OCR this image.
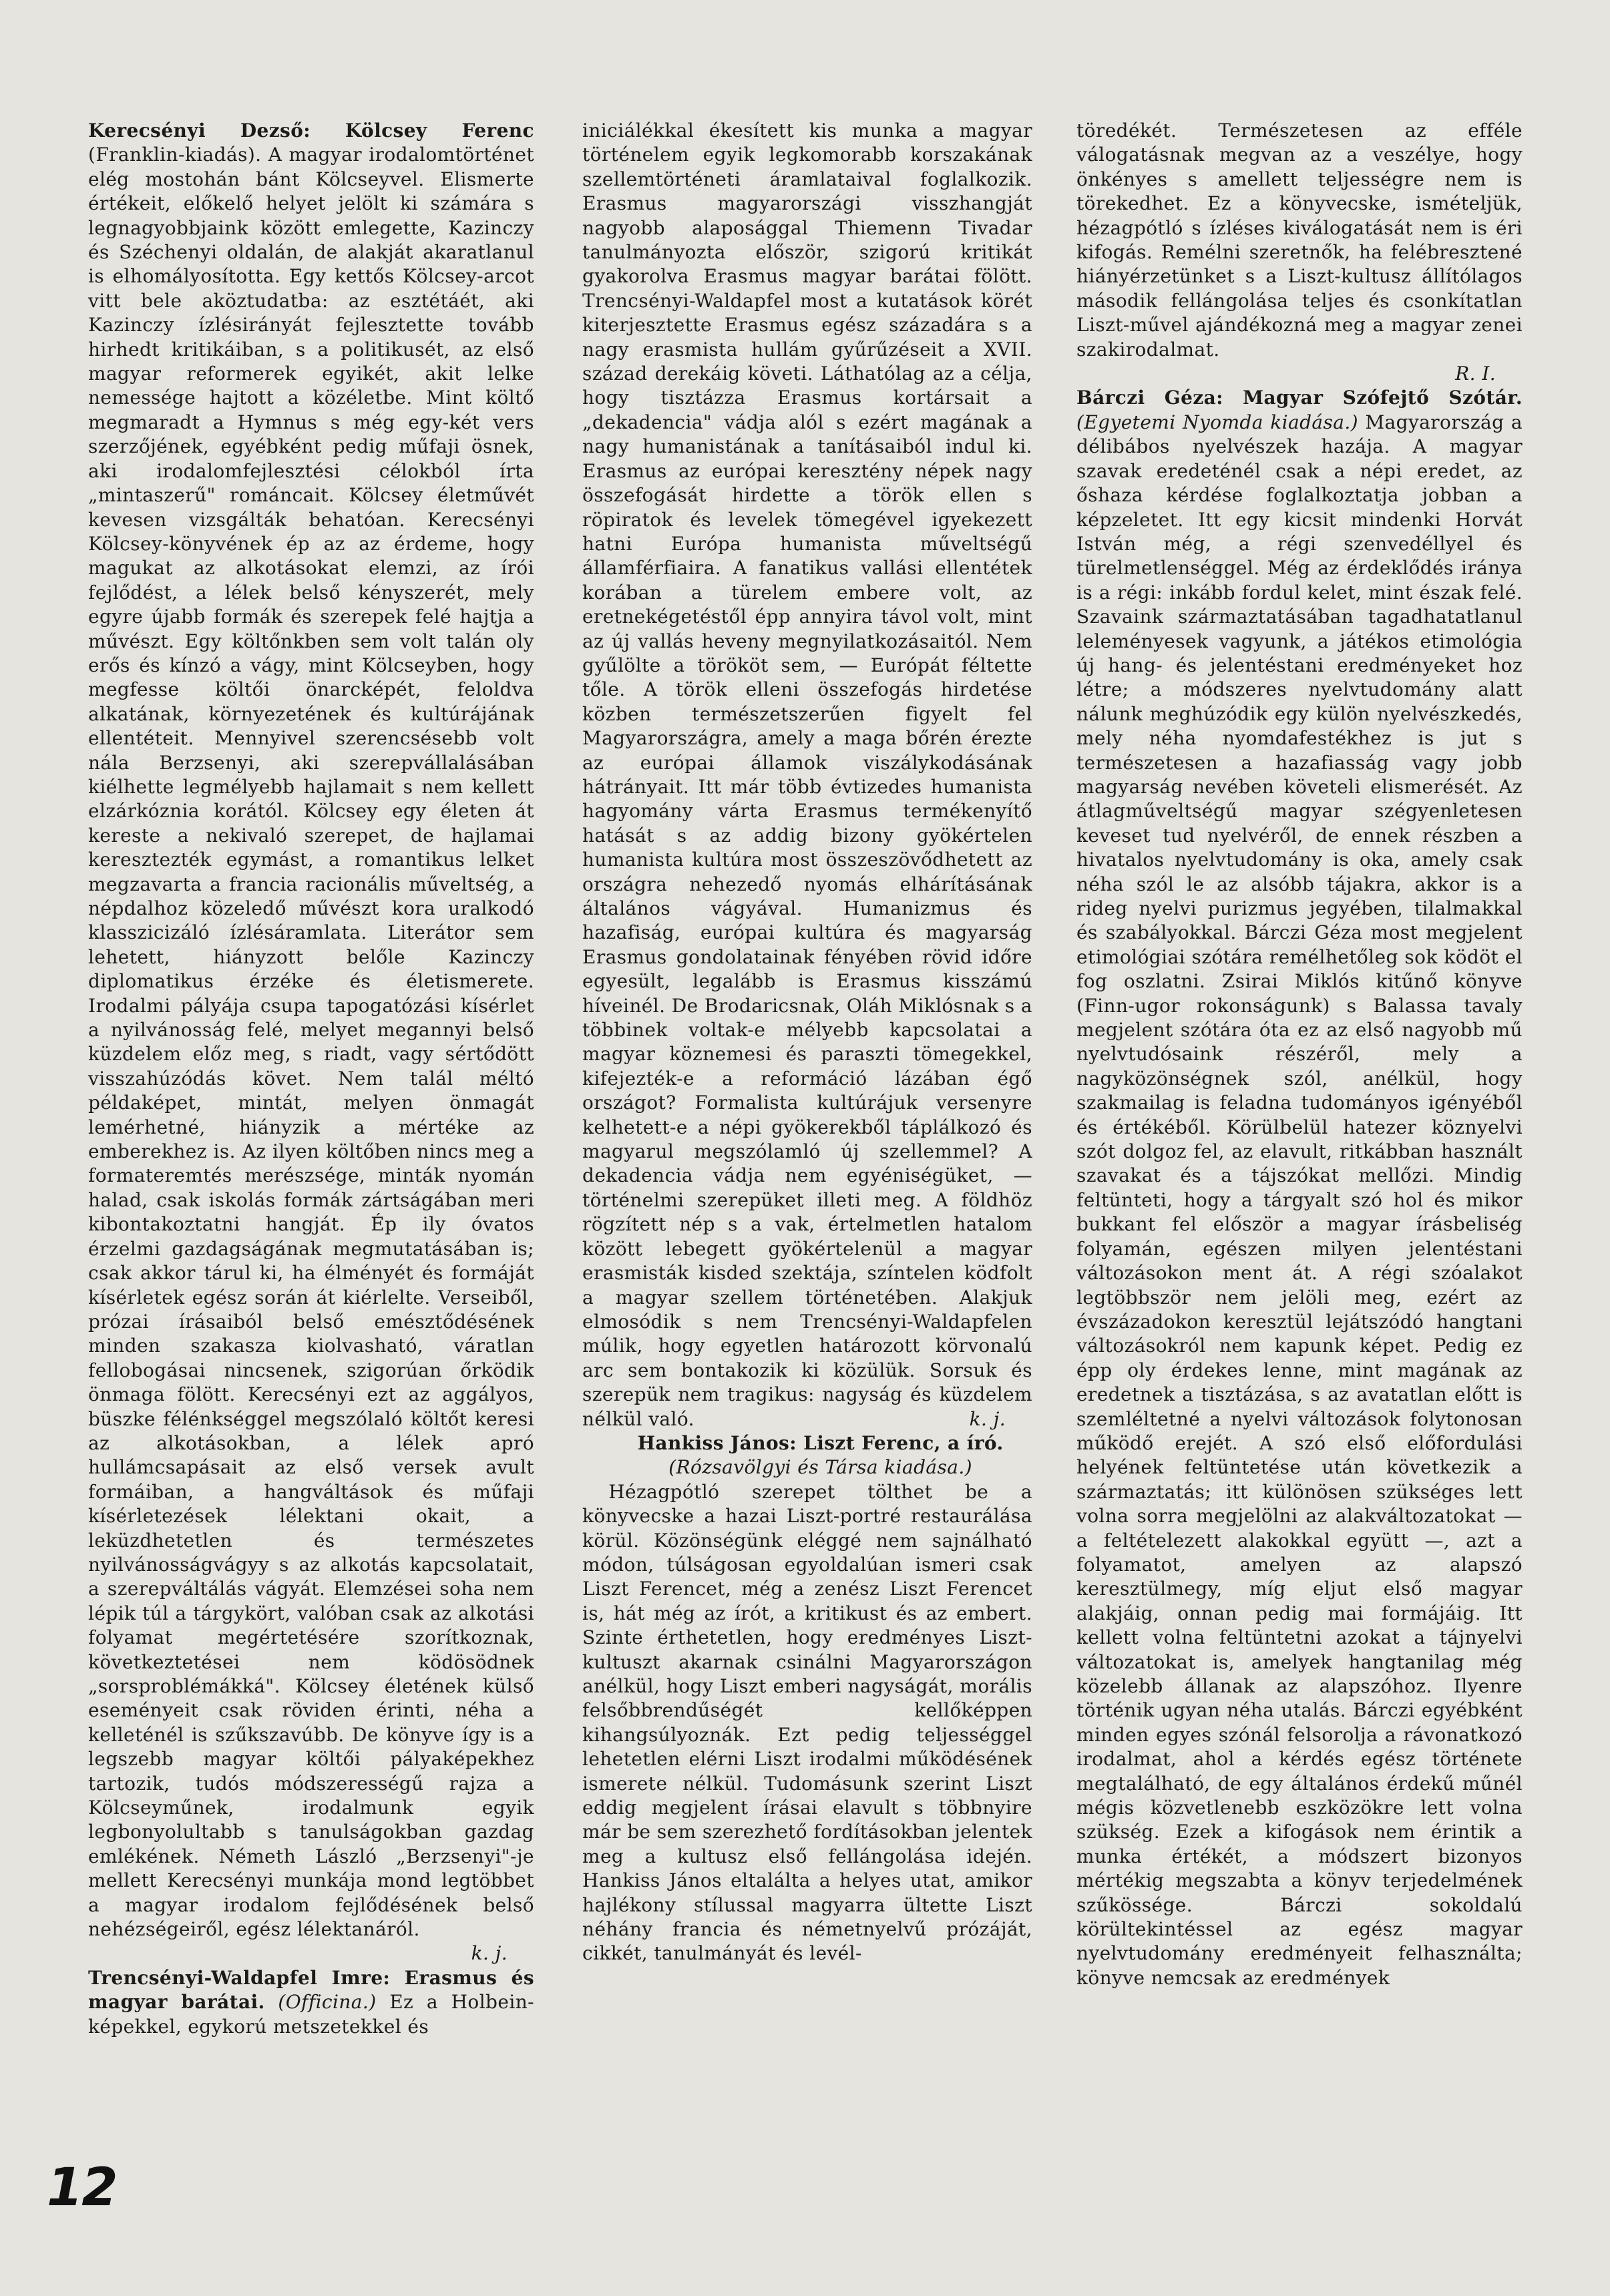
Kerecsényi Dezső: Kölcsey Ferenc (Franklin-kiadás). A magyar irodalomtörténet elég mostohán bánt Kölcseyvel. Elismerte értékeit, előkelő helyet jelölt ki számára s legnagyobbjaink között emlegette, Kazinczy és Széchenyi oldalán, de alakját akaratlanul is elhomályosította. Egy kettős Kölcsey-arcot vitt bele aköztudatba: az esztétáét, aki Kazinczy ízlésirányát fejlesztette tovább hirhedt kritikáiban, s a politikusét, az első magyar reformerek egyikét, akit lelke nemessége hajtott a közéletbe. Mint költő megmaradt a Hymnus s még egy-két vers szerzőjének, egyébként pedig műfaji ösnek, aki irodalomfejlesztési célokból írta „mintaszerű" románcait. Kölcsey életművét kevesen vizsgálták behatóan. Kerecsényi Kölcsey-könyvének ép az az érdeme, hogy magukat az alkotásokat elemzi, az írói fejlődést, a lélek belső kényszerét, mely egyre újabb formák és szerepek felé hajtja a művészt. Egy költőnkben sem volt talán oly erős és kínzó a vágy, mint Kölcseyben, hogy megfesse költői önarcképét, feloldva alkatának, környezetének és kultúrájának ellentéteit. Mennyivel szerencsésebb volt nála Berzsenyi, aki szerepvállalásában kiélhette legmélyebb hajlamait s nem kellett elzárkóznia korától. Kölcsey egy életen át kereste a nekivaló szerepet, de hajlamai keresztezték egymást, a romantikus lelket megzavarta a francia racionális műveltség, a népdalhoz közeledő művészt kora uralkodó klasszicizáló ízlésáramlata. Literátor sem lehetett, hiányzott belőle Kazinczy diplomatikus érzéke és életismerete. Irodalmi pályája csupa tapogatózási kísérlet a nyilvánosság felé, melyet megannyi belső küzdelem előz meg, s riadt, vagy sértődött visszahúzódás követ. Nem talál méltó példaképet, mintát, melyen önmagát lemérhetné, hiányzik a mértéke az emberekhez is. Az ilyen költőben nincs meg a formateremtés merészsége, minták nyomán halad, csak iskolás formák zártságában meri kibontakoztatni hangját. Ép ily óvatos érzelmi gazdagságának megmutatásában is; csak akkor tárul ki, ha élményét és formáját kísérletek egész során át kiérlelte. Verseiből, prózai írásaiból belső emésztődésének minden szakasza kiolvasható, váratlan fellobogásai nincsenek, szigorúan őrködik önmaga fölött. Kerecsényi ezt az aggályos, büszke félénkséggel megszólaló költőt keresi az alkotásokban, a lélek apró hullámcsapásait az első versek avult formáiban, a hangváltások és műfaji kísérletezések lélektani okait, a leküzdhetetlen és természetes nyilvánosságvágyy s az alkotás kapcsolatait, a szerepváltálás vágyát. Elemzései soha nem lépik túl a tárgykört, valóban csak az alkotási folyamat megértetésére szorítkoznak, következtetései nem ködösödnek „sorsproblémákká". Kölcsey életének külső eseményeit csak röviden érinti, néha a kelleténél is szűkszavúbb. De könyve így is a legszebb magyar költői pályaképekhez tartozik, tudós módszerességű rajza a Kölcseyműnek, irodalmunk egyik legbonyolultabb s tanulságokban gazdag emlékének. Németh László „Berzsenyi"-je mellett Kerecsényi munkája mond legtöbbet a magyar irodalom fejlődésének belső nehézségeiről, egész lélektanáról.

k. j.

Trencsényi-Waldapfel Imre: Erasmus és magyar barátai. (Officina.) Ez a Holbein-képekkel, egykorú metszetekkel és

iniciálékkal ékesített kis munka a magyar történelem egyik legkomorabb korszakának szellemtörténeti áramlataival foglalkozik. Erasmus magyarországi visszhangját nagyobb alaposággal Thiemenn Tivadar tanulmányozta először, szigorú kritikát gyakorolva Erasmus magyar barátai fölött. Trencsényi-Waldapfel most a kutatások körét kiterjesztette Erasmus egész századára s a nagy erasmista hullám gyűrűzéseit a XVII. század derekáig követi. Láthatólag az a célja, hogy tisztázza Erasmus kortársait a „dekadencia" vádja alól s ezért magának a nagy humanistának a tanításaiból indul ki. Erasmus az európai keresztény népek nagy összefogását hirdette a török ellen s röpiratok és levelek tömegével igyekezett hatni Európa humanista műveltségű államférfiaira. A fanatikus vallási ellentétek korában a türelem embere volt, az eretnekégetéstől épp annyira távol volt, mint az új vallás heveny megnyilatkozásaitól. Nem gyűlölte a törököt sem, — Európát féltette tőle. A török elleni összefogás hirdetése közben természetszerűen figyelt fel Magyarországra, amely a maga bőrén érezte az európai államok viszálykodásának hátrányait. Itt már több évtizedes humanista hagyomány várta Erasmus termékenyítő hatását s az addig bizony gyökértelen humanista kultúra most összeszövődhetett az országra nehezedő nyomás elhárításának általános vágyával. Humanizmus és hazafiság, európai kultúra és magyarság Erasmus gondolatainak fényében rövid időre egyesült, legalább is Erasmus kisszámú híveinél. De Brodaricsnak, Oláh Miklósnak s a többinek voltak-e mélyebb kapcsolatai a magyar köznemesi és paraszti tömegekkel, kifejezték-e a reformáció lázában égő országot? Formalista kultúrájuk versenyre kelhetett-e a népi gyökerekből táplálkozó és magyarul megszólamló új szellemmel? A dekadencia vádja nem egyéniségüket, — történelmi szerepüket illeti meg. A földhöz rögzített nép s a vak, értelmetlen hatalom között lebegett gyökértelenül a magyar erasmisták kisded szektája, színtelen ködfolt a magyar szellem történetében. Alakjuk elmosódik s nem Trencsényi-Waldapfelen múlik, hogy egyetlen határozott körvonalú arc sem bontakozik ki közülük. Sorsuk és szerepük nem tragikus: nagyság és küzdelem nélkül való.	k. j.

Hankiss János: Liszt Ferenc, a író.
(Rózsavölgyi és Társa kiadása.)

Hézagpótló szerepet tölthet be a könyvecske a hazai Liszt-portré restaurálása körül. Közönségünk eléggé nem sajnálható módon, túlságosan egyoldalúan ismeri csak Liszt Ferencet, még a zenész Liszt Ferencet is, hát még az írót, a kritikust és az embert. Szinte érthetetlen, hogy eredményes Liszt-kultuszt akarnak csinálni Magyarországon anélkül, hogy Liszt emberi nagyságát, morális felsőbbrendűségét kellőképpen kihangsúlyoznák. Ezt pedig teljességgel lehetetlen elérni Liszt irodalmi működésének ismerete nélkül. Tudomásunk szerint Liszt eddig megjelent írásai elavult s többnyire már be sem szerezhető fordításokban jelentek meg a kultusz első fellángolása idején. Hankiss János eltalálta a helyes utat, amikor hajlékony stílussal magyarra ültette Liszt néhány francia és németnyelvű prózáját, cikkét, tanulmányát és levél-

töredékét. Természetesen az efféle válogatásnak megvan az a veszélye, hogy önkényes s amellett teljességre nem is törekedhet. Ez a könyvecske, ismételjük, hézagpótló s ízléses kiválogatását nem is éri kifogás. Remélni szeretnők, ha felébresztené hiányérzetünket s a Liszt-kultusz állítólagos második fellángolása teljes és csonkítatlan Liszt-művel ajándékozná meg a magyar zenei szakirodalmat.

R. I.

Bárczi Géza: Magyar Szófejtő Szótár. (Egyetemi Nyomda kiadása.) Magyarország a délibábos nyelvészek hazája. A magyar szavak eredeténél csak a népi eredet, az őshaza kérdése foglalkoztatja jobban a képzeletet. Itt egy kicsit mindenki Horvát István még, a régi szenvedéllyel és türelmetlenséggel. Még az érdeklődés iránya is a régi: inkább fordul kelet, mint észak felé. Szavaink származtatásában tagadhatatlanul leleményesek vagyunk, a játékos etimológia új hang- és jelentéstani eredményeket hoz létre; a módszeres nyelvtudomány alatt nálunk meghúzódik egy külön nyelvészkedés, mely néha nyomdafestékhez is jut s természetesen a hazafiasság vagy jobb magyarság nevében követeli elismerését. Az átlagműveltségű magyar szégyenletesen keveset tud nyelvéről, de ennek részben a hivatalos nyelvtudomány is oka, amely csak néha szól le az alsóbb tájakra, akkor is a rideg nyelvi purizmus jegyében, tilalmakkal és szabályokkal. Bárczi Géza most megjelent etimológiai szótára remélhetőleg sok ködöt el fog oszlatni. Zsirai Miklós kitűnő könyve (Finn-ugor rokonságunk) s Balassa tavaly megjelent szótára óta ez az első nagyobb mű nyelvtudósaink részéről, mely a nagyközönségnek szól, anélkül, hogy szakmailag is feladna tudományos igényéből és értékéből. Körülbelül hatezer köznyelvi szót dolgoz fel, az elavult, ritkábban használt szavakat és a tájszókat mellőzi. Mindig feltünteti, hogy a tárgyalt szó hol és mikor bukkant fel először a magyar írásbeliség folyamán, egészen milyen jelentéstani változásokon ment át. A régi szóalakot legtöbbször nem jelöli meg, ezért az évszázadokon keresztül lejátszódó hangtani változásokról nem kapunk képet. Pedig ez épp oly érdekes lenne, mint magának az eredetnek a tisztázása, s az avatatlan előtt is szemléltetné a nyelvi változások folytonosan működő erejét. A szó első előfordulási helyének feltüntetése után következik a származtatás; itt különösen szükséges lett volna sorra megjelölni az alakváltozatokat — a feltételezett alakokkal együtt —, azt a folyamatot, amelyen az alapszó keresztülmegy, míg eljut első magyar alakjáig, onnan pedig mai formájáig. Itt kellett volna feltüntetni azokat a tájnyelvi változatokat is, amelyek hangtanilag még közelebb állanak az alapszóhoz. Ilyenre történik ugyan néha utalás. Bárczi egyébként minden egyes szónál felsorolja a rávonatkozó irodalmat, ahol a kérdés egész története megtalálható, de egy általános érdekű műnél mégis közvetlenebb eszközökre lett volna szükség. Ezek a kifogások nem érintik a munka értékét, a módszert bizonyos mértékig megszabta a könyv terjedelmének szűkössége. Bárczi sokoldalú körültekintéssel az egész magyar nyelvtudomány eredményeit felhasználta; könyve nemcsak az eredmények

12
